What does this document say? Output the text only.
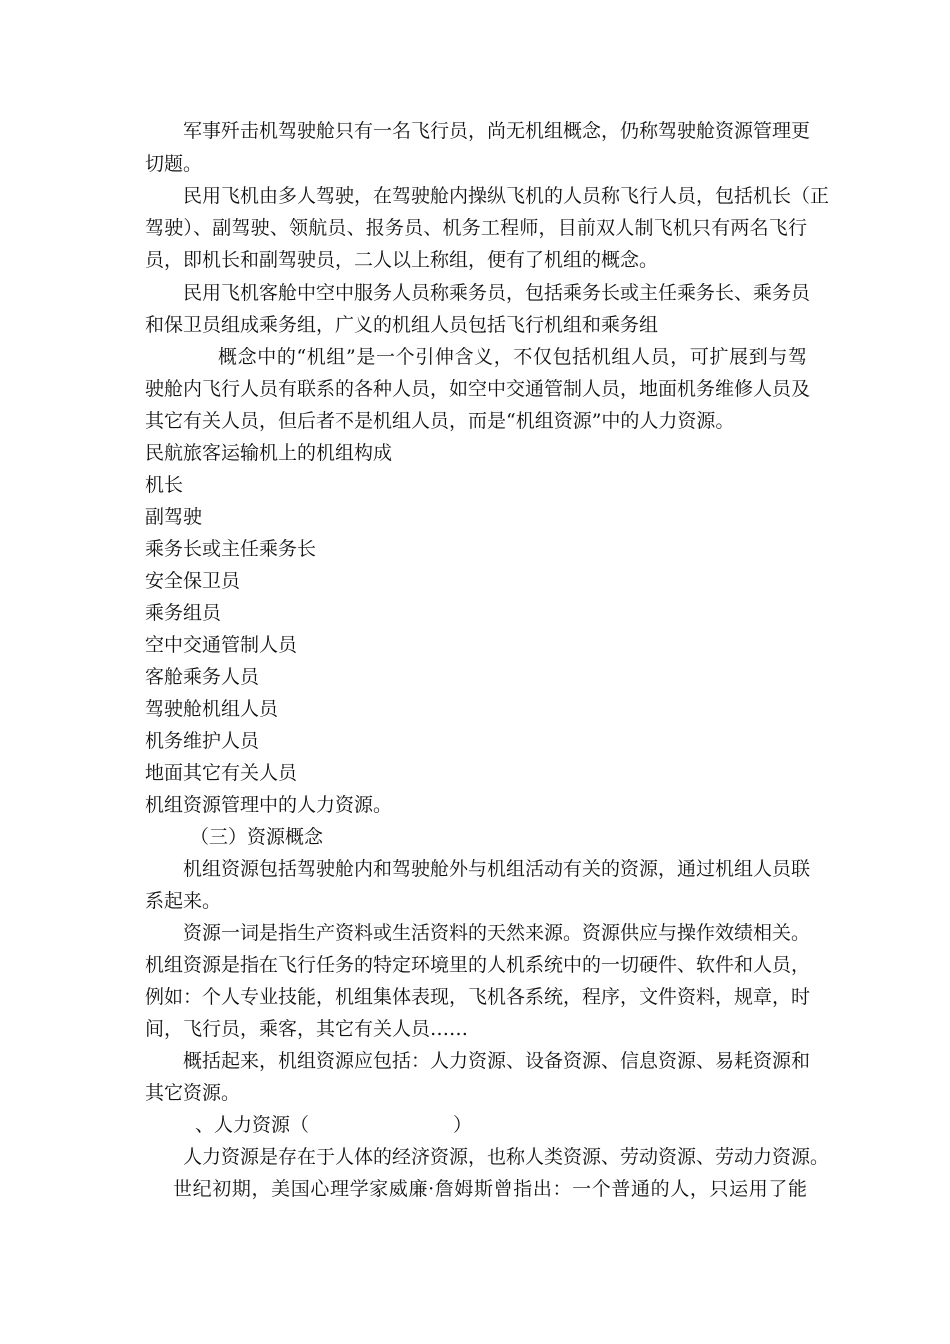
军事歼击机驾驶舱只有一名飞行员，尚无机组概念，仍称驾驶舱资源管理更
切题。
民用飞机由多人驾驶，在驾驶舱内操纵飞机的人员称飞行人员，包括机长（正
驾驶）、副驾驶、领航员、报务员、机务工程师，目前双人制飞机只有两名飞行
员，即机长和副驾驶员，二人以上称组，便有了机组的概念。
民用飞机客舱中空中服务人员称乘务员，包括乘务长或主任乘务长、乘务员
和保卫员组成乘务组，广义的机组人员包括飞行机组和乘务组
概念中的“机组”是一个引伸含义，不仅包括机组人员，可扩展到与驾
驶舱内飞行人员有联系的各种人员，如空中交通管制人员，地面机务维修人员及
其它有关人员，但后者不是机组人员，而是“机组资源”中的人力资源。
民航旅客运输机上的机组构成
机长
副驾驶
乘务长或主任乘务长
安全保卫员
乘务组员
空中交通管制人员
客舱乘务人员
驾驶舱机组人员
机务维护人员
地面其它有关人员
机组资源管理中的人力资源。
（三）资源概念
机组资源包括驾驶舱内和驾驶舱外与机组活动有关的资源，通过机组人员联
系起来。
资源一词是指生产资料或生活资料的天然来源。资源供应与操作效绩相关。
机组资源是指在飞行任务的特定环境里的人机系统中的一切硬件、软件和人员，
例如：个人专业技能，机组集体表现，飞机各系统，程序，文件资料，规章，时
间，飞行员，乘客，其它有关人员……
概括起来，机组资源应包括：人力资源、设备资源、信息资源、易耗资源和
其它资源。
、人力资源（	）
人力资源是存在于人体的经济资源，也称人类资源、劳动资源、劳动力资源。
世纪初期，美国心理学家威廉·詹姆斯曾指出：一个普通的人，只运用了能
